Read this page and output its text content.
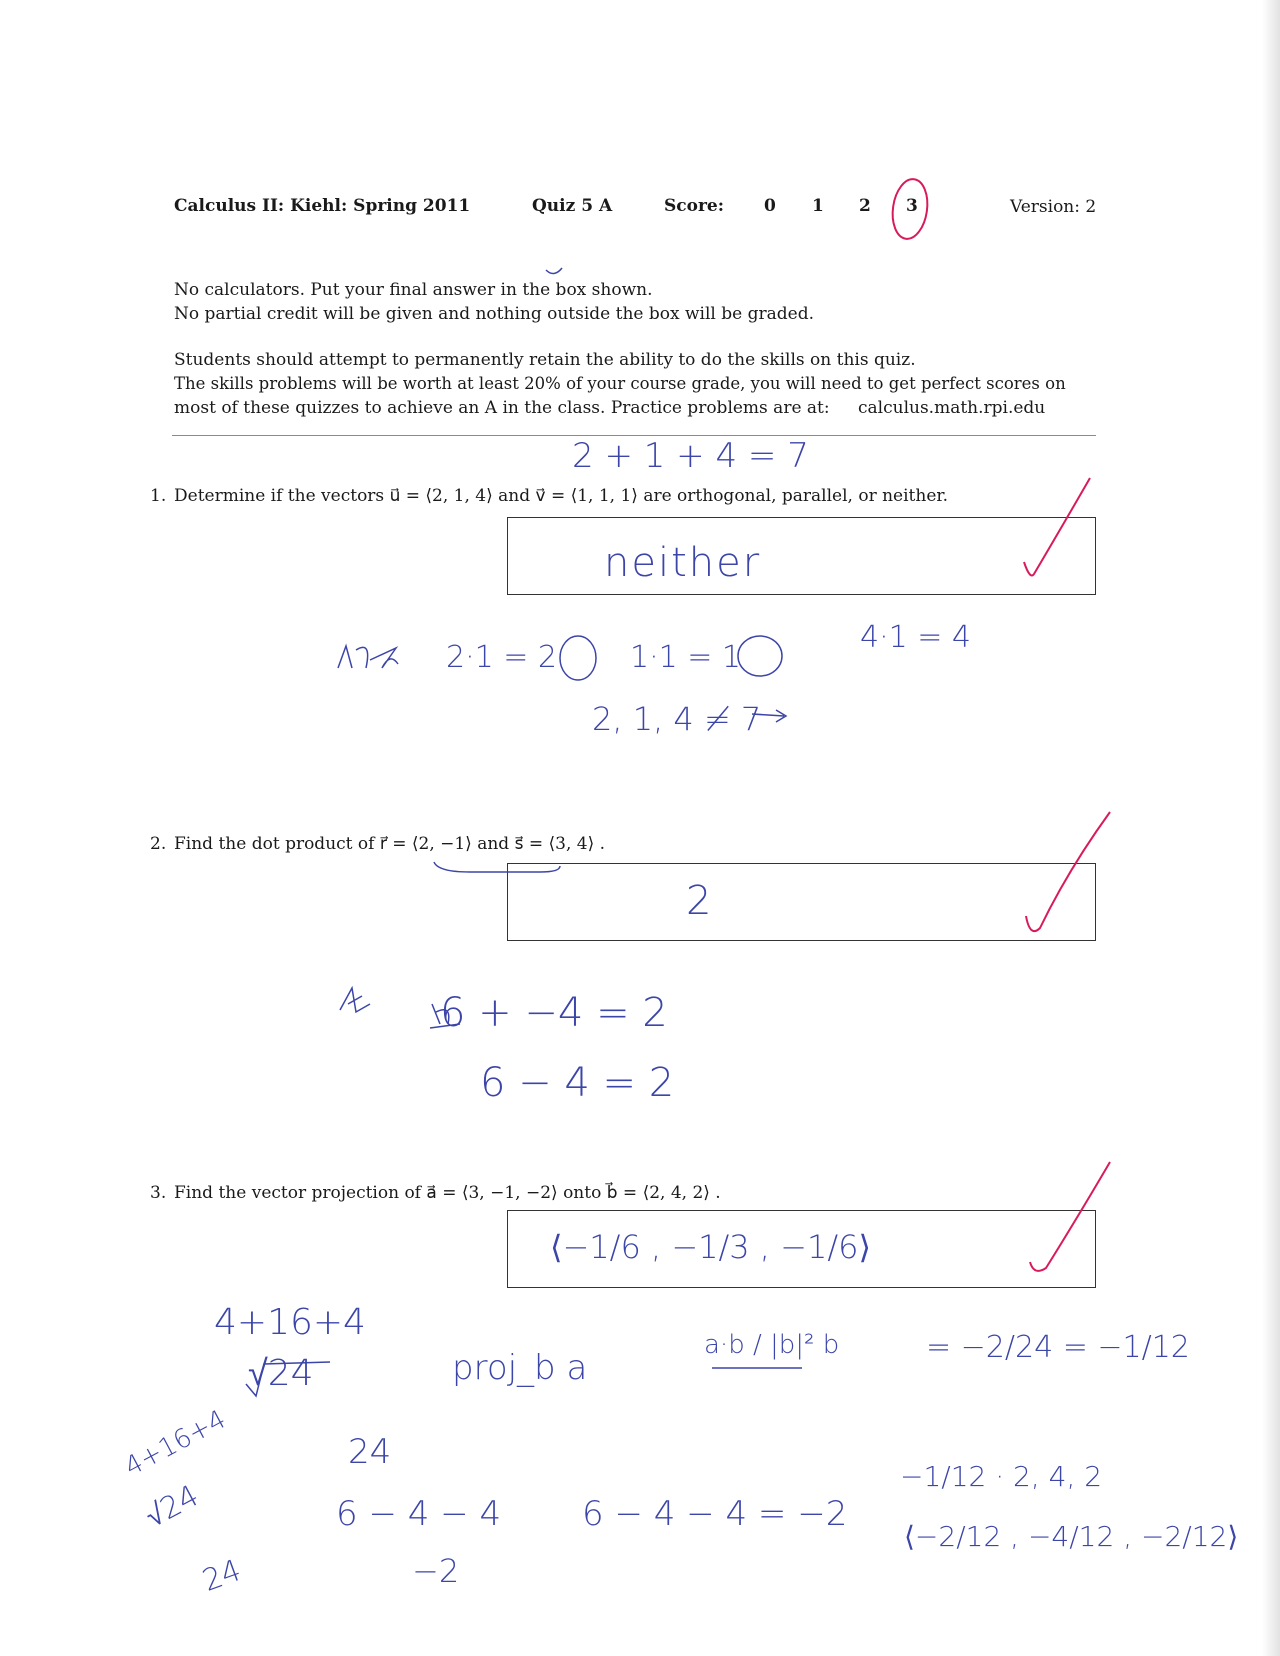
Calculus II: Kiehl: Spring 2011	Quiz 5 A	Score: 0 1 2 3	Version: 2
No calculators. Put your final answer in the box shown.
No partial credit will be given and nothing outside the box will be graded.
Students should attempt to permanently retain the ability to do the skills on this quiz.
The skills problems will be worth at least 20% of your course grade, you will need to get perfect scores on
most of these quizzes to achieve an A in the class. Practice problems are at: calculus.math.rpi.edu
1. Determine if the vectors u⃗ = ⟨2, 1, 4⟩ and v⃗ = ⟨1, 1, 1⟩ are orthogonal, parallel, or neither.
neither
2 + 1 + 4 = 7
2·1 = 2 1·1 = 1
4·1 = 4
2, 1, 4 ≠ 7
2. Find the dot product of r⃗ = ⟨2, −1⟩ and s⃗ = ⟨3, 4⟩ .
2
6 + −4 = 2
6 − 4 = 2
3. Find the vector projection of a⃗ = ⟨3, −1, −2⟩ onto b⃗ = ⟨2, 4, 2⟩ .
⟨−1/6 , −1/3 , −1/6⟩
4+16+4
√24	proj_b a
a·b / |b|² b	= −2/24 = −1/12
24
6 − 4 − 4 6 − 4 − 4 = −2
−2
−1/12 · 2, 4, 2
⟨−2/12 , −4/12 , −2/12⟩
4+16+4
√24
24
